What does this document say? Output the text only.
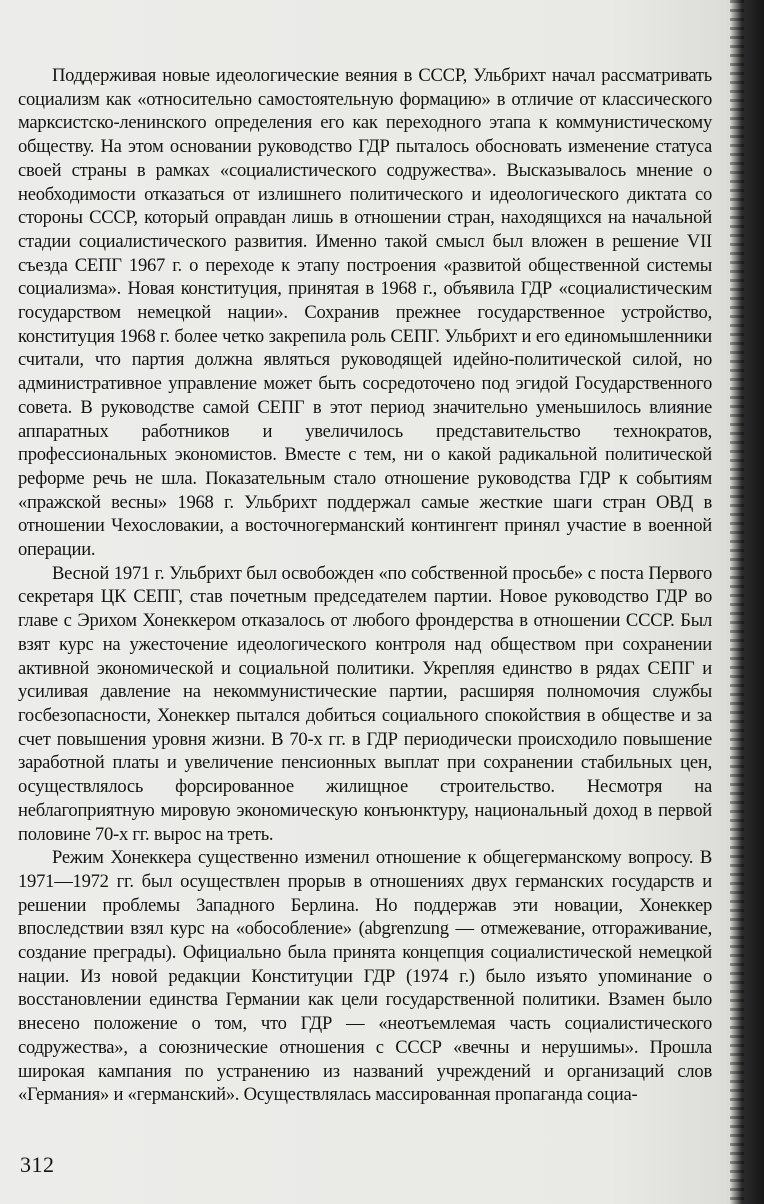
Поддерживая новые идеологические веяния в СССР, Ульбрихт начал рассматривать социализм как «относительно самостоятельную формацию» в отличие от классического марксистско-ленинского определения его как переходного этапа к коммунистическому обществу. На этом основании руководство ГДР пыталось обосновать изменение статуса своей страны в рамках «социалистического содружества». Высказывалось мнение о необходимости отказаться от излишнего политического и идеологического диктата со стороны СССР, который оправдан лишь в отношении стран, находящихся на начальной стадии социалистического развития. Именно такой смысл был вложен в решение VII съезда СЕПГ 1967 г. о переходе к этапу построения «развитой общественной системы социализма». Новая конституция, принятая в 1968 г., объявила ГДР «социалистическим государством немецкой нации». Сохранив прежнее государственное устройство, конституция 1968 г. более четко закрепила роль СЕПГ. Ульбрихт и его единомышленники считали, что партия должна являться руководящей идейно-политической силой, но административное управление может быть сосредоточено под эгидой Государственного совета. В руководстве самой СЕПГ в этот период значительно уменьшилось влияние аппаратных работников и увеличилось представительство технократов, профессиональных экономистов. Вместе с тем, ни о какой радикальной политической реформе речь не шла. Показательным стало отношение руководства ГДР к событиям «пражской весны» 1968 г. Ульбрихт поддержал самые жесткие шаги стран ОВД в отношении Чехословакии, а восточногерманский контингент принял участие в военной операции.

Весной 1971 г. Ульбрихт был освобожден «по собственной просьбе» с поста Первого секретаря ЦК СЕПГ, став почетным председателем партии. Новое руководство ГДР во главе с Эрихом Хонеккером отказалось от любого фрондерства в отношении СССР. Был взят курс на ужесточение идеологического контроля над обществом при сохранении активной экономической и социальной политики. Укрепляя единство в рядах СЕПГ и усиливая давление на некоммунистические партии, расширяя полномочия службы госбезопасности, Хонеккер пытался добиться социального спокойствия в обществе и за счет повышения уровня жизни. В 70-х гг. в ГДР периодически происходило повышение заработной платы и увеличение пенсионных выплат при сохранении стабильных цен, осуществлялось форсированное жилищное строительство. Несмотря на неблагоприятную мировую экономическую конъюнктуру, национальный доход в первой половине 70-х гг. вырос на треть.

Режим Хонеккера существенно изменил отношение к общегерманскому вопросу. В 1971—1972 гг. был осуществлен прорыв в отношениях двух германских государств и решении проблемы Западного Берлина. Но поддержав эти новации, Хонеккер впоследствии взял курс на «обособление» (abgrenzung — отмежевание, отгораживание, создание преграды). Официально была принята концепция социалистической немецкой нации. Из новой редакции Конституции ГДР (1974 г.) было изъято упоминание о восстановлении единства Германии как цели государственной политики. Взамен было внесено положение о том, что ГДР — «неотъемлемая часть социалистического содружества», а союзнические отношения с СССР «вечны и нерушимы». Прошла широкая кампания по устранению из названий учреждений и организаций слов «Германия» и «германский». Осуществлялась массированная пропаганда социа-

312
